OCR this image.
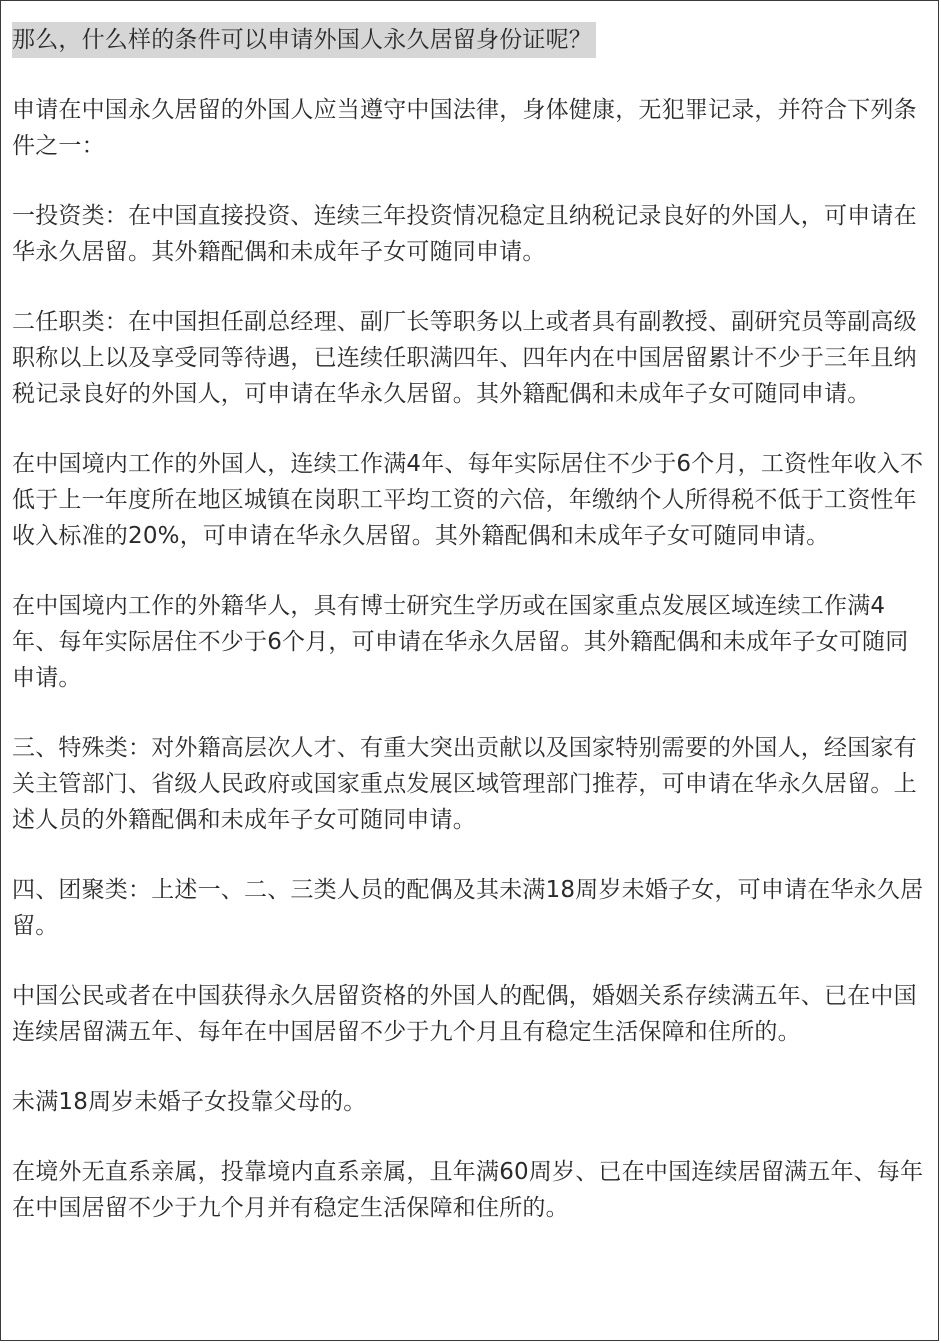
那么，什么样的条件可以申请外国人永久居留身份证呢？

申请在中国永久居留的外国人应当遵守中国法律，身体健康，无犯罪记录，并符合下列条件之一：

一投资类：在中国直接投资、连续三年投资情况稳定且纳税记录良好的外国人，可申请在华永久居留。其外籍配偶和未成年子女可随同申请。

二任职类：在中国担任副总经理、副厂长等职务以上或者具有副教授、副研究员等副高级职称以上以及享受同等待遇，已连续任职满四年、四年内在中国居留累计不少于三年且纳税记录良好的外国人，可申请在华永久居留。其外籍配偶和未成年子女可随同申请。

在中国境内工作的外国人，连续工作满4年、每年实际居住不少于6个月，工资性年收入不低于上一年度所在地区城镇在岗职工平均工资的六倍，年缴纳个人所得税不低于工资性年收入标准的20%，可申请在华永久居留。其外籍配偶和未成年子女可随同申请。

在中国境内工作的外籍华人，具有博士研究生学历或在国家重点发展区域连续工作满4年、每年实际居住不少于6个月，可申请在华永久居留。其外籍配偶和未成年子女可随同申请。

三、特殊类：对外籍高层次人才、有重大突出贡献以及国家特别需要的外国人，经国家有关主管部门、省级人民政府或国家重点发展区域管理部门推荐，可申请在华永久居留。上述人员的外籍配偶和未成年子女可随同申请。

四、团聚类：上述一、二、三类人员的配偶及其未满18周岁未婚子女，可申请在华永久居留。

中国公民或者在中国获得永久居留资格的外国人的配偶，婚姻关系存续满五年、已在中国连续居留满五年、每年在中国居留不少于九个月且有稳定生活保障和住所的。

未满18周岁未婚子女投靠父母的。

在境外无直系亲属，投靠境内直系亲属，且年满60周岁、已在中国连续居留满五年、每年在中国居留不少于九个月并有稳定生活保障和住所的。
